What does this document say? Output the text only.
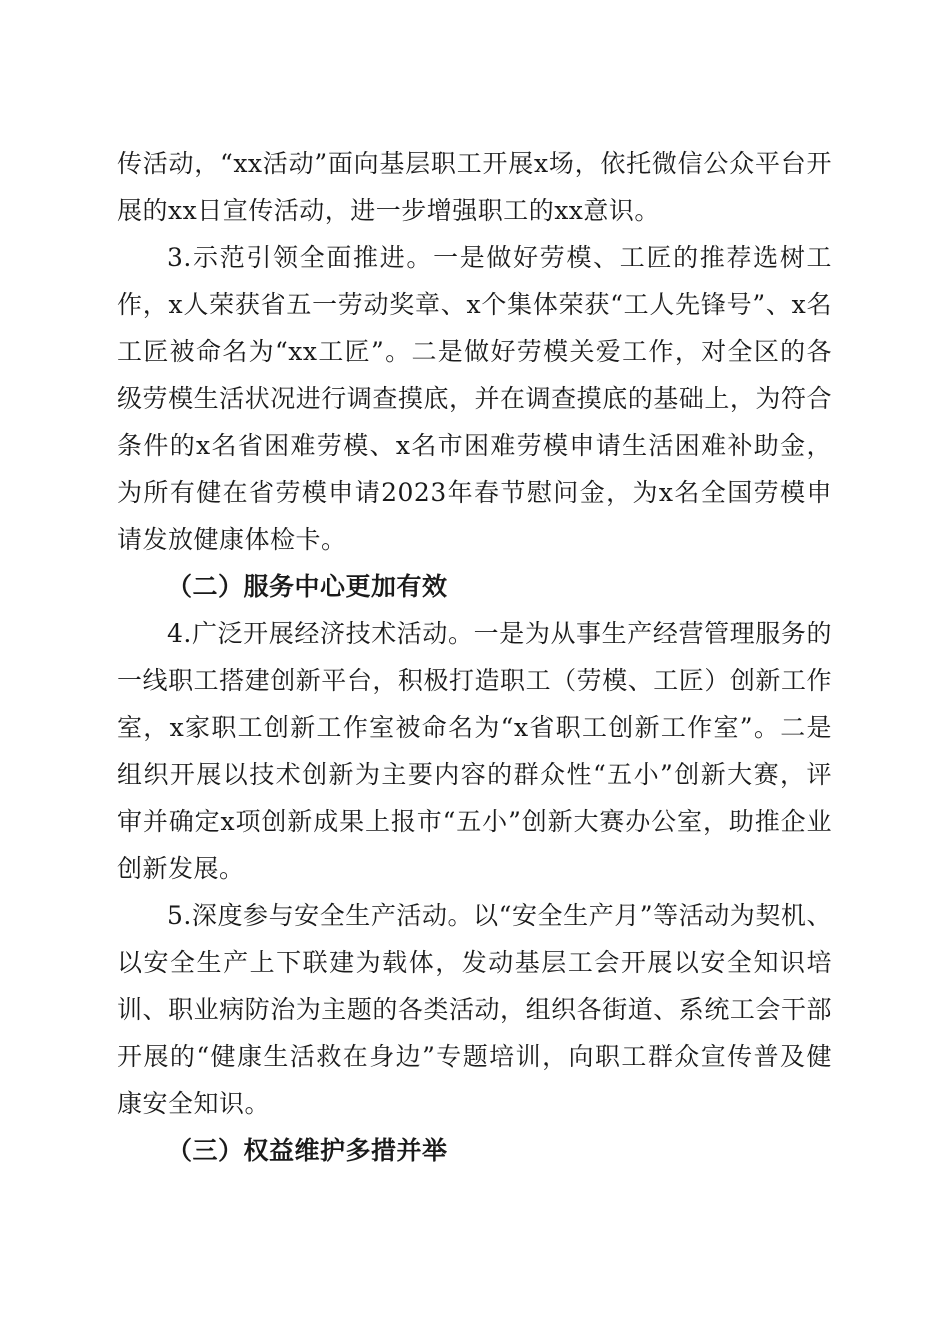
传活动，“xx活动”面向基层职工开展x场，依托微信公众平台开展的xx日宣传活动，进一步增强职工的xx意识。

3.示范引领全面推进。一是做好劳模、工匠的推荐选树工作，x人荣获省五一劳动奖章、x个集体荣获“工人先锋号”、x名工匠被命名为“xx工匠”。二是做好劳模关爱工作，对全区的各级劳模生活状况进行调查摸底，并在调查摸底的基础上，为符合条件的x名省困难劳模、x名市困难劳模申请生活困难补助金，为所有健在省劳模申请2023年春节慰问金，为x名全国劳模申请发放健康体检卡。

（二）服务中心更加有效

4.广泛开展经济技术活动。一是为从事生产经营管理服务的一线职工搭建创新平台，积极打造职工（劳模、工匠）创新工作室，x家职工创新工作室被命名为“x省职工创新工作室”。二是组织开展以技术创新为主要内容的群众性“五小”创新大赛，评审并确定x项创新成果上报市“五小”创新大赛办公室，助推企业创新发展。

5.深度参与安全生产活动。以“安全生产月”等活动为契机、以安全生产上下联建为载体，发动基层工会开展以安全知识培训、职业病防治为主题的各类活动，组织各街道、系统工会干部开展的“健康生活救在身边”专题培训，向职工群众宣传普及健康安全知识。

（三）权益维护多措并举
